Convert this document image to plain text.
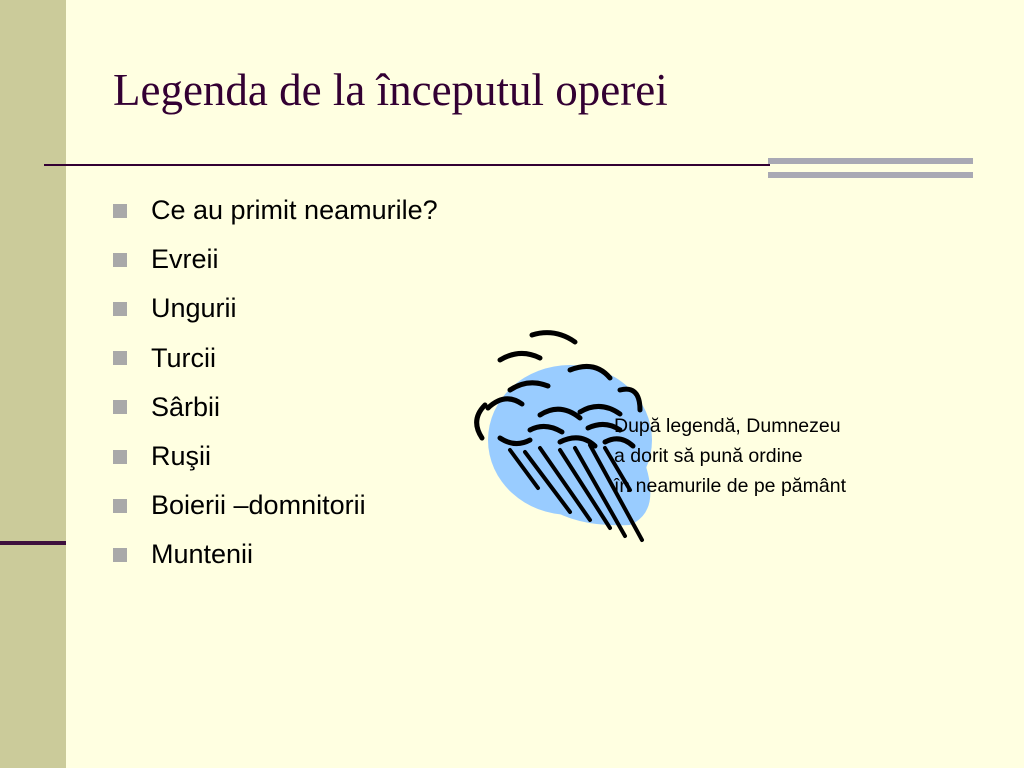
Legenda de la începutul operei
Ce au primit neamurile?
Evreii
Ungurii
Turcii
Sârbii
Ruşii
Boierii –domnitorii
Muntenii
După legendă, Dumnezeu
a dorit să pună ordine
în neamurile de pe pământ
